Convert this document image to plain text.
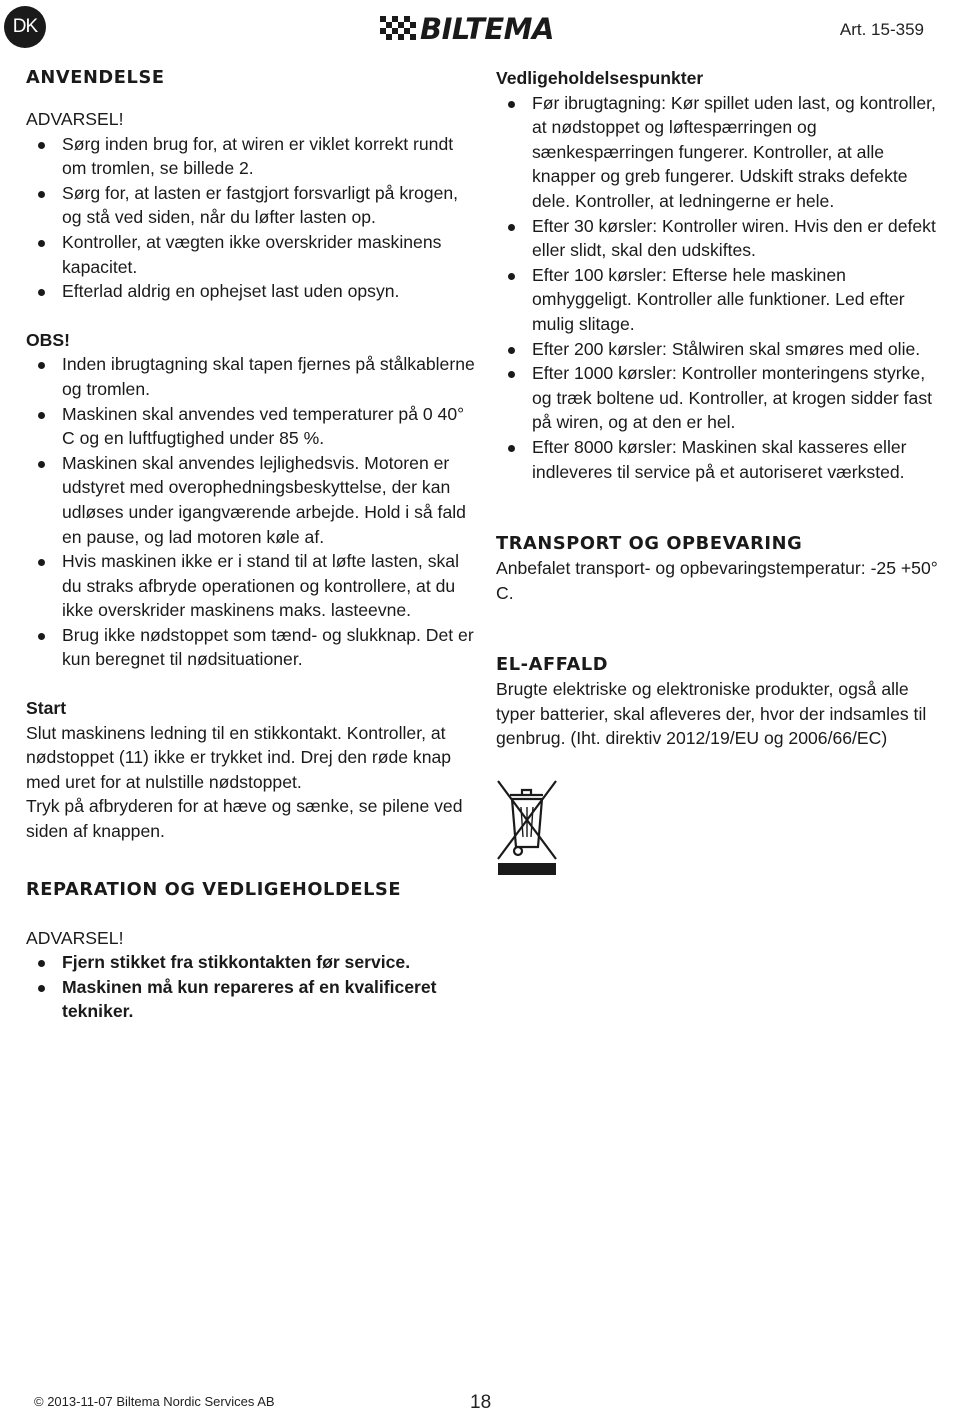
DK	BILTEMA	Art. 15-359
ANVENDELSE

ADVARSEL!

Sørg inden brug for, at wiren er viklet korrekt rundt om tromlen, se billede 2.
Sørg for, at lasten er fastgjort forsvarligt på krogen, og stå ved siden, når du løfter lasten op.
Kontroller, at vægten ikke overskrider maskinens kapacitet.
Efterlad aldrig en ophejset last uden opsyn.

OBS!

Inden ibrugtagning skal tapen fjernes på stålkablerne og tromlen.
Maskinen skal anvendes ved temperaturer på 0 40° C og en luftfugtighed under 85 %.
Maskinen skal anvendes lejlighedsvis. Motoren er udstyret med overophedningsbeskyttelse, der kan udløses under igangværende arbejde. Hold i så fald en pause, og lad motoren køle af.
Hvis maskinen ikke er i stand til at løfte lasten, skal du straks afbryde operationen og kontrollere, at du ikke overskrider maskinens maks. lasteevne.
Brug ikke nødstoppet som tænd- og slukknap. Det er kun beregnet til nødsituationer.

Start

Slut maskinens ledning til en stikkontakt. Kontroller, at nødstoppet (11) ikke er trykket ind. Drej den røde knap med uret for at nulstille nødstoppet.

Tryk på afbryderen for at hæve og sænke, se pilene ved siden af knappen.

REPARATION OG VEDLIGEHOLDELSE

ADVARSEL!

Fjern stikket fra stikkontakten før service.
Maskinen må kun repareres af en kvalificeret tekniker.

Vedligeholdelsespunkter

Før ibrugtagning: Kør spillet uden last, og kontroller, at nødstoppet og løftespærringen og sænkespærringen fungerer. Kontroller, at alle knapper og greb fungerer. Udskift straks defekte dele. Kontroller, at ledningerne er hele.
Efter 30 kørsler: Kontroller wiren. Hvis den er defekt eller slidt, skal den udskiftes.
Efter 100 kørsler: Efterse hele maskinen omhyggeligt. Kontroller alle funktioner. Led efter mulig slitage.
Efter 200 kørsler: Stålwiren skal smøres med olie.
Efter 1000 kørsler: Kontroller monteringens styrke, og træk boltene ud. Kontroller, at krogen sidder fast på wiren, og at den er hel.
Efter 8000 kørsler: Maskinen skal kasseres eller indleveres til service på et autoriseret værksted.
TRANSPORT OG OPBEVARING

Anbefalet transport- og opbevaringstemperatur: -25 +50° C.

EL-AFFALD

Brugte elektriske og elektroniske produkter, også alle typer batterier, skal afleveres der, hvor der indsamles til genbrug. (Iht. direktiv 2012/19/EU og 2006/66/EC)

© 2013-11-07 Biltema Nordic Services AB	18
